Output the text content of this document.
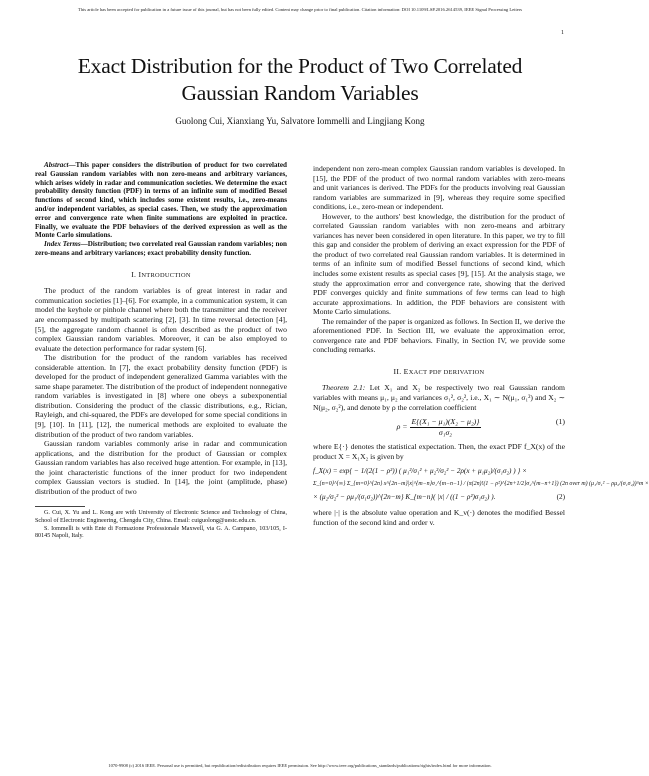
This article has been accepted for publication in a future issue of this journal, but has not been fully edited. Content may change prior to final publication. Citation information: DOI 10.1109/LSP.2016.2614539, IEEE Signal Processing Letters
1
Exact Distribution for the Product of Two Correlated Gaussian Random Variables
Guolong Cui, Xianxiang Yu, Salvatore Iommelli and Lingjiang Kong

Abstract—This paper considers the distribution of product for two correlated real Gaussian random variables with non zero-means and arbitrary variances, which arises widely in radar and communication societies. We determine the exact probability density function (PDF) in terms of an infinite sum of modified Bessel functions of second kind, which includes some existent results, i.e., zero-means and/or independent variables, as special cases. Then, we study the approximation error and convergence rate when finite summations are exploited in practice. Finally, we evaluate the PDF behaviors of the derived expression as well as the Monte Carlo simulations.

Index Terms—Distribution; two correlated real Gaussian random variables; non zero-means and arbitrary variances; exact probability density function.

I. INTRODUCTION

The product of the random variables is of great interest in radar and communication societies [1]–[6]. For example, in a communication system, it can model the keyhole or pinhole channel where both the transmitter and the receiver are encompassed by multipath scattering [2], [3]. In time reversal detection [4], [5], the aggregate random channel is often described as the product of two complex Gaussian random variables. Moreover, it can be also employed to evaluate the detection performance for radar system [6].

The distribution for the product of the random variables has received considerable attention. In [7], the exact probability density function (PDF) is developed for the product of independent generalized Gamma variables with the same shape parameter. The distribution of the product of independent nonnegative random variables is investigated in [8] where one obeys a subexponential distribution. Considering the product of the classic distributions, e.g., Rician, Rayleigh, and chi-squared, the PDFs are developed for some special conditions in [9], [10]. In [11], [12], the numerical methods are exploited to evaluate the distribution of the product of two random variables.

Gaussian random variables commonly arise in radar and communication applications, and the distribution for the product of Gaussian or complex Gaussian random variables has also received huge attention. For example, in [13], the joint characteristic functions of the inner product for two independent complex Gaussian vectors is studied. In [14], the joint (amplitude, phase) distribution of the product of two

G. Cui, X. Yu and L. Kong are with University of Electronic Science and Technology of China, School of Electronic Engineering, Chengdu City, China. Email: cuiguolong@uestc.edu.cn.

S. Iommelli is with Ente di Formazione Professionale Maxwell, via G. A. Campano, 103/105, I-80145 Napoli, Italy.

independent non zero-mean complex Gaussian random variables is developed. In [15], the PDF of the product of two normal random variables with zero-means and unit variances is derived. The PDFs for the products involving real Gaussian random variables are summarized in [9], whereas they require some specified conditions, i.e., zero-mean or independent.

However, to the authors' best knowledge, the distribution for the product of correlated Gaussian random variables with non zero-means and arbitrary variances has never been considered in open literature. In this paper, we try to fill this gap and consider the problem of deriving an exact expression for the PDF of the product of two correlated real Gaussian random variables. It is determined in terms of an infinite sum of modified Bessel functions of second kind, which includes some existent results as special cases [9], [15]. At the analysis stage, we study the approximation error and convergence rate, showing that the derived PDF converges quickly and finite summations of few terms can lead to high accurate approximations. In addition, the PDF behaviors are consistent with Monte Carlo simulations.

The remainder of the paper is organized as follows. In Section II, we derive the aforementioned PDF. In Section III, we evaluate the approximation error, convergence rate and PDF behaviors. Finally, in Section IV, we provide some concluding remarks.

II. EXACT PDF DERIVATION

Theorem 2.1: Let X₁ and X₂ be respectively two real Gaussian random variables with means μ₁, μ₂ and variances σ₁², σ₂², i.e., X₁ ∼ N(μ₁, σ₁²) and X₂ ∼ N(μ₂, σ₂²), and denote by ρ the correlation coefficient

$\rho = \frac{\text{E\{(X₁ − μ₁)(X₂ − μ₂)\}}}{\text{σ₁σ₂}}$	(1)

where E{·} denotes the statistical expectation. Then, the exact PDF f_X(x) of the product X = X₁X₂ is given by

f_X(x) = exp{ − 1/(2(1 − ρ²)) ( μ₁²/σ₁² + μ₂²/σ₂² − 2ρ(x + μ₁μ₂)/(σ₁σ₂) ) } ×
Σ_{n=0}^{∞} Σ_{m=0}^{2n} x^{2n−m}|x|^{m−n}σ₁^{m−n−1} / (π(2n)!(1 − ρ²)^{2n+1/2}σ₂^{m−n+1}) (2n over m) (μ₁/σ₁² − ρμ₂/(σ₁σ₂))^m ×
× (μ₂/σ₂² − ρμ₁/(σ₁σ₂))^{2n−m} K_{m−n}( |x| / ((1 − ρ²)σ₁σ₂) ).	(2)

where |·| is the absolute value operation and K_v(·) denotes the modified Bessel function of the second kind and order v.

1070-9908 (c) 2016 IEEE. Personal use is permitted, but republication/redistribution requires IEEE permission. See http://www.ieee.org/publications_standards/publications/rights/index.html for more information.
